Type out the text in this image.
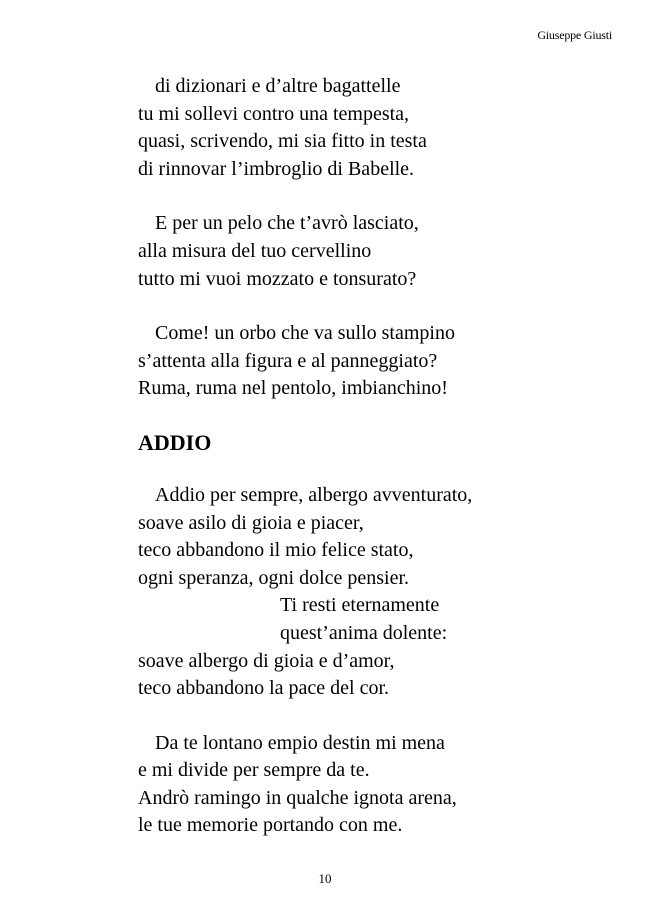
Giuseppe Giusti
di dizionari e d’altre bagattelle
tu mi sollevi contro una tempesta,
quasi, scrivendo, mi sia fitto in testa
di rinnovar l’imbroglio di Babelle.
E per un pelo che t’avrò lasciato,
alla misura del tuo cervellino
tutto mi vuoi mozzato e tonsurato?
Come! un orbo che va sullo stampino
s’attenta alla figura e al panneggiato?
Ruma, ruma nel pentolo, imbianchino!
ADDIO
Addio per sempre, albergo avventurato,
soave asilo di gioia e piacer,
teco abbandono il mio felice stato,
ogni speranza, ogni dolce pensier.
Ti resti eternamente
quest’anima dolente:
soave albergo di gioia e d’amor,
teco abbandono la pace del cor.
Da te lontano empio destin mi mena
e mi divide per sempre da te.
Andrò ramingo in qualche ignota arena,
le tue memorie portando con me.
10
